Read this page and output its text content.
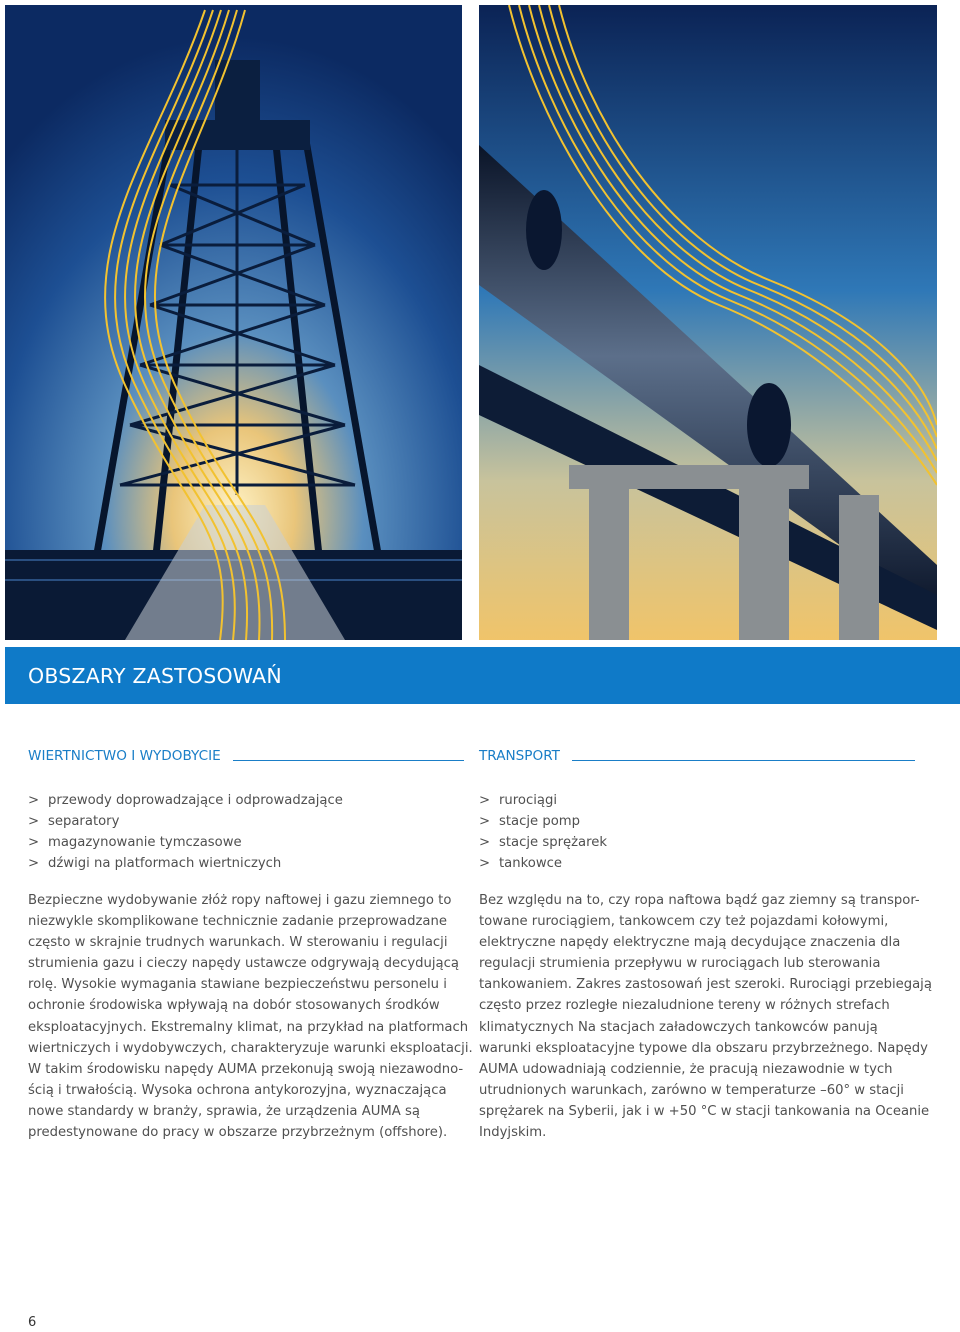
OBSZARY ZASTOSOWAŃ
WIERTNICTWO I WYDOBYCIE
> przewody doprowadzające i odprowadzające
> separatory
> magazynowanie tymczasowe
> dźwigi na platformach wiertniczych

Bezpieczne wydobywanie złóż ropy naftowej i gazu ziemnego to
niezwykle skomplikowane technicznie zadanie przeprowadzane
często w skrajnie trudnych warunkach. W sterowaniu i regulacji
strumienia gazu i cieczy napędy ustawcze odgrywają decydującą
rolę. Wysokie wymagania stawiane bezpieczeństwu personelu i
ochronie środowiska wpływają na dobór stosowanych środków
eksploatacyjnych. Ekstremalny klimat, na przykład na platformach
wiertniczych i wydobywczych, charakteryzuje warunki eksploatacji.
W takim środowisku napędy AUMA przekonują swoją niezawodno-
ścią i trwałością. Wysoka ochrona antykorozyjna, wyznaczająca
nowe standardy w branży, sprawia, że urządzenia AUMA są
predestynowane do pracy w obszarze przybrzeżnym (offshore).

TRANSPORT
> rurociągi
> stacje pomp
> stacje sprężarek
> tankowce

Bez względu na to, czy ropa naftowa bądź gaz ziemny są transpor-
towane rurociągiem, tankowcem czy też pojazdami kołowymi,
elektryczne napędy elektryczne mają decydujące znaczenia dla
regulacji strumienia przepływu w rurociągach lub sterowania
tankowaniem. Zakres zastosowań jest szeroki. Rurociągi przebiegają
często przez rozległe niezaludnione tereny w różnych strefach
klimatycznych Na stacjach załadowczych tankowców panują
warunki eksploatacyjne typowe dla obszaru przybrzeżnego. Napędy
AUMA udowadniają codziennie, że pracują niezawodnie w tych
utrudnionych warunkach, zarówno w temperaturze –60° w stacji
sprężarek na Syberii, jak i w +50 °C w stacji tankowania na Oceanie
Indyjskim.

6
